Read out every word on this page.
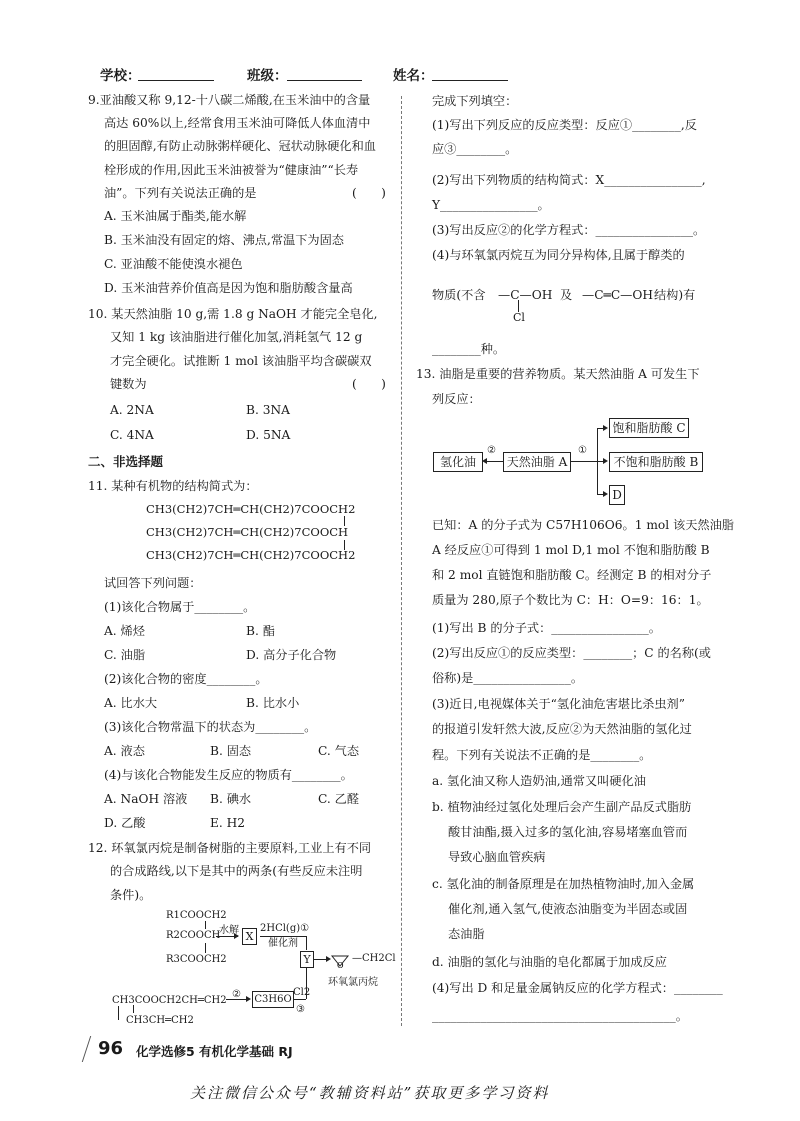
学校：	班级：	姓名：
9.亚油酸又称 9,12-十八碳二烯酸,在玉米油中的含量
高达 60%以上,经常食用玉米油可降低人体血清中
的胆固醇,有防止动脉粥样硬化、冠状动脉硬化和血
栓形成的作用,因此玉米油被誉为“健康油”“长寿
油”。下列有关说法正确的是	(　　)
A. 玉米油属于酯类,能水解
B. 玉米油没有固定的熔、沸点,常温下为固态
C. 亚油酸不能使溴水褪色
D. 玉米油营养价值高是因为饱和脂肪酸含量高
10. 某天然油脂 10 g,需 1.8 g NaOH 才能完全皂化,
又知 1 kg 该油脂进行催化加氢,消耗氢气 12 g
才完全硬化。试推断 1 mol 该油脂平均含碳碳双
键数为	(　　)
A. 2NA	B. 3NA
C. 4NA	D. 5NA
二、非选择题
11. 某种有机物的结构简式为：
CH3(CH2)7CH═CH(CH2)7COOCH2
CH3(CH2)7CH═CH(CH2)7COOCH
CH3(CH2)7CH═CH(CH2)7COOCH2
试回答下列问题：
(1)该化合物属于________。
A. 烯烃	B. 酯
C. 油脂	D. 高分子化合物
(2)该化合物的密度________。
A. 比水大	B. 比水小
(3)该化合物常温下的状态为________。
A. 液态	B. 固态	C. 气态
(4)与该化合物能发生反应的物质有________。
A. NaOH 溶液 B. 碘水	C. 乙醛
D. 乙酸	E. H2
12. 环氧氯丙烷是制备树脂的主要原料,工业上有不同
的合成路线,以下是其中的两条(有些反应未注明
条件)。
R1COOCH2
R2COOCH
R3COOCH2
水解 X
2HCl(g)①
催化剂
Y	O
—CH2Cl
环氧氯丙烷
CH3COOCH2CH═CH2
② C3H6O
Cl2
③
CH3CH═CH2
完成下列填空：
(1)写出下列反应的反应类型：反应①________,反
应③________。
(2)写出下列物质的结构简式：X________________,
Y________________。
(3)写出反应②的化学方程式：________________。
(4)与环氧氯丙烷互为同分异构体,且属于醇类的
物质(不含 —C—OH
Cl
及 —C═C—OH 结构)有
________种。
13. 油脂是重要的营养物质。某天然油脂 A 可发生下
列反应：
氢化油
②
天然油脂 A
①
饱和脂肪酸 C
不饱和脂肪酸 B
D
已知：A 的分子式为 C57H106O6。1 mol 该天然油脂
A 经反应①可得到 1 mol D,1 mol 不饱和脂肪酸 B
和 2 mol 直链饱和脂肪酸 C。经测定 B 的相对分子
质量为 280,原子个数比为 C：H：O=9：16：1。
(1)写出 B 的分子式：________________。
(2)写出反应①的反应类型：________；C 的名称(或
俗称)是________________。
(3)近日,电视媒体关于“氢化油危害堪比杀虫剂”
的报道引发轩然大波,反应②为天然油脂的氢化过
程。下列有关说法不正确的是________。
a. 氢化油又称人造奶油,通常又叫硬化油
b. 植物油经过氢化处理后会产生副产品反式脂肪
酸甘油酯,摄入过多的氢化油,容易堵塞血管而
导致心脑血管疾病
c. 氢化油的制备原理是在加热植物油时,加入金属
催化剂,通入氢气,使液态油脂变为半固态或固
态油脂
d. 油脂的氢化与油脂的皂化都属于加成反应
(4)写出 D 和足量金属钠反应的化学方程式：________
________________________________________。
96 化学选修5 有机化学基础 RJ
关注微信公众号“教辅资料站”获取更多学习资料
